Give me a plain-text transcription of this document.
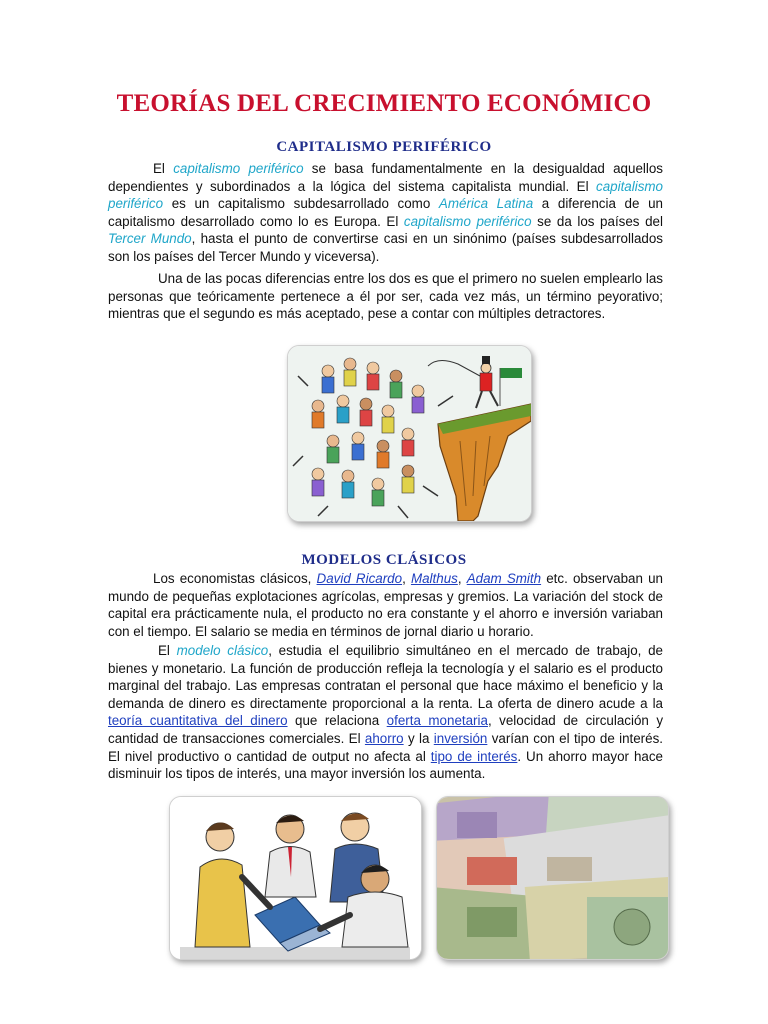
TEORÍAS DEL CRECIMIENTO ECONÓMICO
CAPITALISMO PERIFÉRICO
El capitalismo periférico se basa fundamentalmente en la desigualdad aquellos dependientes y subordinados a la lógica del sistema capitalista mundial. El capitalismo periférico es un capitalismo subdesarrollado como América Latina a diferencia de un capitalismo desarrollado como lo es Europa. El capitalismo periférico se da los países del Tercer Mundo, hasta el punto de convertirse casi en un sinónimo (países subdesarrollados son los países del Tercer Mundo y viceversa).
Una de las pocas diferencias entre los dos es que el primero no suelen emplearlo las personas que teóricamente pertenece a él por ser, cada vez más, un término peyorativo; mientras que el segundo es más aceptado, pese a contar con múltiples detractores.
MODELOS CLÁSICOS
Los economistas clásicos, David Ricardo, Malthus, Adam Smith etc. observaban un mundo de pequeñas explotaciones agrícolas, empresas y gremios. La variación del stock de capital era prácticamente nula, el producto no era constante y el ahorro e inversión variaban con el tiempo. El salario se media en términos de jornal diario u horario.
El modelo clásico, estudia el equilibrio simultáneo en el mercado de trabajo, de bienes y monetario. La función de producción refleja la tecnología y el salario es el producto marginal del trabajo. Las empresas contratan el personal que hace máximo el beneficio y la demanda de dinero es directamente proporcional a la renta. La oferta de dinero acude a la teoría cuantitativa del dinero que relaciona oferta monetaria, velocidad de circulación y cantidad de transacciones comerciales. El ahorro y la inversión varían con el tipo de interés. El nivel productivo o cantidad de output no afecta al tipo de interés. Un ahorro mayor hace disminuir los tipos de interés, una mayor inversión los aumenta.
